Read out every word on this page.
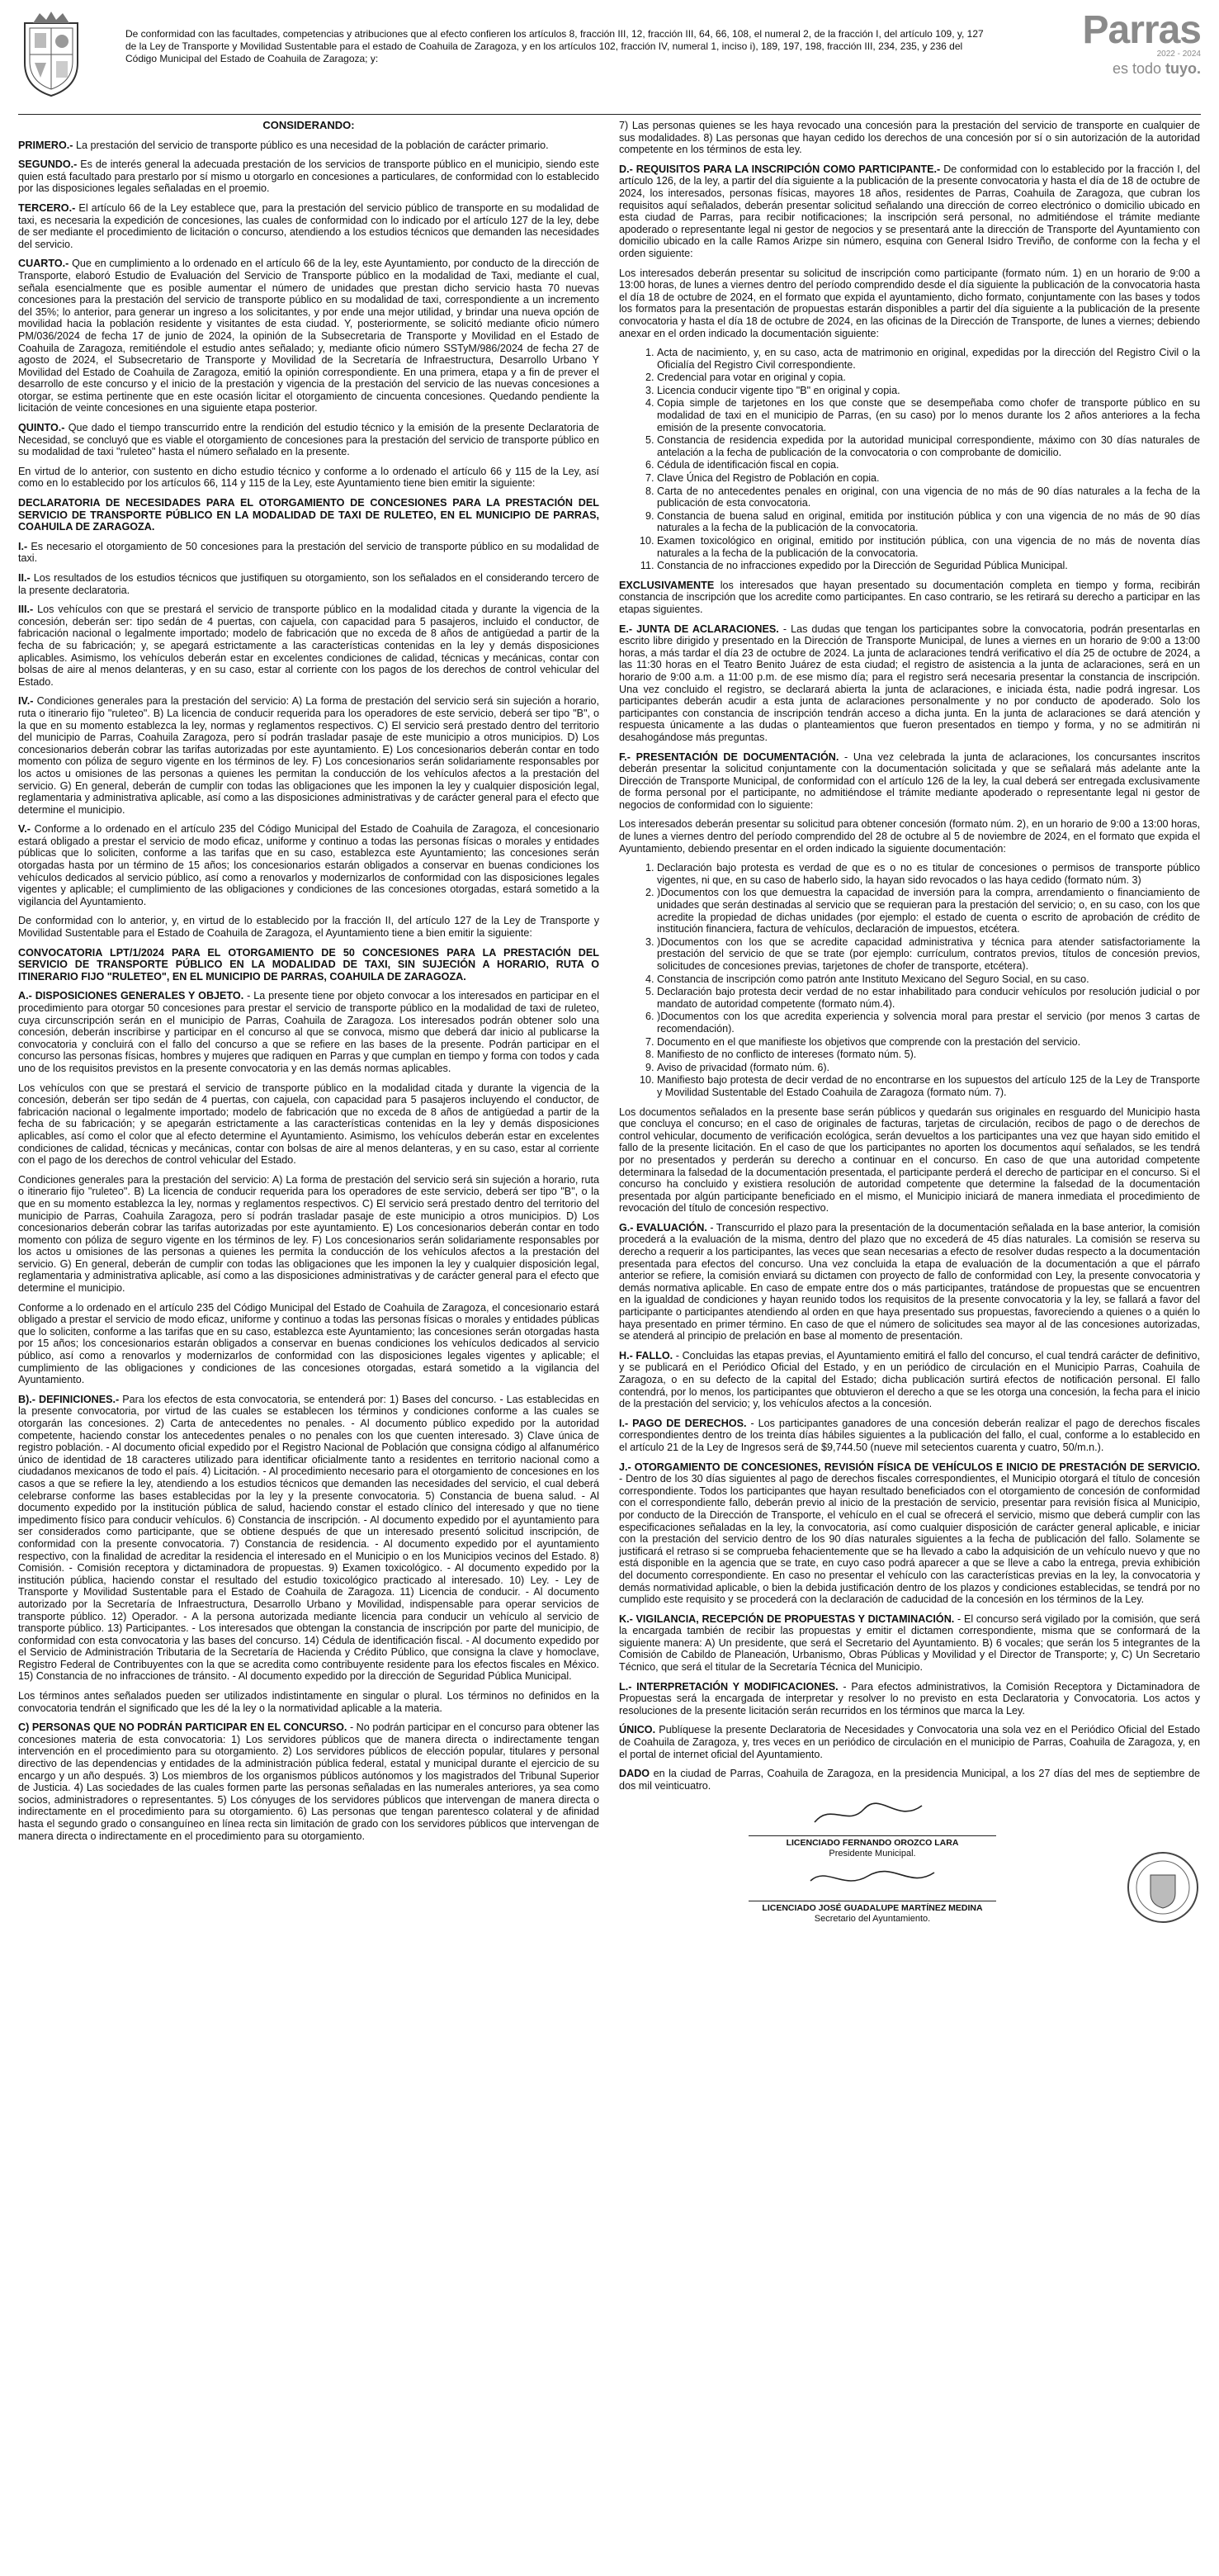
De conformidad con las facultades, competencias y atribuciones que al efecto confieren los artículos 8, fracción III, 12, fracción III, 64, 66, 108, el numeral 2, de la fracción I, del artículo 109, y, 127 de la Ley de Transporte y Movilidad Sustentable para el estado de Coahuila de Zaragoza, y en los artículos 102, fracción IV, numeral 1, inciso i), 189, 197, 198, fracción III, 234, 235, y 236 del Código Municipal del Estado de Coahuila de Zaragoza; y:
Parras
2022 - 2024
es todo tuyo.
CONSIDERANDO:

PRIMERO.- La prestación del servicio de transporte público es una necesidad de la población de carácter primario.

SEGUNDO.- Es de interés general la adecuada prestación de los servicios de transporte público en el municipio, siendo este quien está facultado para prestarlo por sí mismo u otorgarlo en concesiones a particulares, de conformidad con lo establecido por las disposiciones legales señaladas en el proemio.

TERCERO.- El artículo 66 de la Ley establece que, para la prestación del servicio público de transporte en su modalidad de taxi, es necesaria la expedición de concesiones, las cuales de conformidad con lo indicado por el artículo 127 de la ley, debe de ser mediante el procedimiento de licitación o concurso, atendiendo a los estudios técnicos que demanden las necesidades del servicio.

CUARTO.- Que en cumplimiento a lo ordenado en el artículo 66 de la ley, este Ayuntamiento, por conducto de la dirección de Transporte, elaboró Estudio de Evaluación del Servicio de Transporte público en la modalidad de Taxi, mediante el cual, señala esencialmente que es posible aumentar el número de unidades que prestan dicho servicio hasta 70 nuevas concesiones para la prestación del servicio de transporte público en su modalidad de taxi, correspondiente a un incremento del 35%; lo anterior, para generar un ingreso a los solicitantes, y por ende una mejor utilidad, y brindar una nueva opción de movilidad hacia la población residente y visitantes de esta ciudad. Y, posteriormente, se solicitó mediante oficio número PM/036/2024 de fecha 17 de junio de 2024, la opinión de la Subsecretaria de Transporte y Movilidad en el Estado de Coahuila de Zaragoza, remitiéndole el estudio antes señalado; y, mediante oficio número SSTyM/986/2024 de fecha 27 de agosto de 2024, el Subsecretario de Transporte y Movilidad de la Secretaría de Infraestructura, Desarrollo Urbano Y Movilidad del Estado de Coahuila de Zaragoza, emitió la opinión correspondiente. En una primera, etapa y a fin de prever el desarrollo de este concurso y el inicio de la prestación y vigencia de la prestación del servicio de las nuevas concesiones a otorgar, se estima pertinente que en este ocasión licitar el otorgamiento de cincuenta concesiones. Quedando pendiente la licitación de veinte concesiones en una siguiente etapa posterior.

QUINTO.- Que dado el tiempo transcurrido entre la rendición del estudio técnico y la emisión de la presente Declaratoria de Necesidad, se concluyó que es viable el otorgamiento de concesiones para la prestación del servicio de transporte público en su modalidad de taxi "ruleteo" hasta el número señalado en la presente.

En virtud de lo anterior, con sustento en dicho estudio técnico y conforme a lo ordenado el artículo 66 y 115 de la Ley, así como en lo establecido por los artículos 66, 114 y 115 de la Ley, este Ayuntamiento tiene bien emitir la siguiente:

DECLARATORIA DE NECESIDADES PARA EL OTORGAMIENTO DE CONCESIONES PARA LA PRESTACIÓN DEL SERVICIO DE TRANSPORTE PÚBLICO EN LA MODALIDAD DE TAXI DE RULETEO, EN EL MUNICIPIO DE PARRAS, COAHUILA DE ZARAGOZA.

I.- Es necesario el otorgamiento de 50 concesiones para la prestación del servicio de transporte público en su modalidad de taxi.

II.- Los resultados de los estudios técnicos que justifiquen su otorgamiento, son los señalados en el considerando tercero de la presente declaratoria.

III.- Los vehículos con que se prestará el servicio de transporte público en la modalidad citada y durante la vigencia de la concesión, deberán ser: tipo sedán de 4 puertas, con cajuela, con capacidad para 5 pasajeros, incluido el conductor, de fabricación nacional o legalmente importado; modelo de fabricación que no exceda de 8 años de antigüedad a partir de la fecha de su fabricación; y, se apegará estrictamente a las características contenidas en la ley y demás disposiciones aplicables. Asimismo, los vehículos deberán estar en excelentes condiciones de calidad, técnicas y mecánicas, contar con bolsas de aire al menos delanteras, y en su caso, estar al corriente con los pagos de los derechos de control vehicular del Estado.

IV.- Condiciones generales para la prestación del servicio: A) La forma de prestación del servicio será sin sujeción a horario, ruta o itinerario fijo "ruleteo". B) La licencia de conducir requerida para los operadores de este servicio, deberá ser tipo "B", o la que en su momento establezca la ley, normas y reglamentos respectivos. C) El servicio será prestado dentro del territorio del municipio de Parras, Coahuila Zaragoza, pero sí podrán trasladar pasaje de este municipio a otros municipios. D) Los concesionarios deberán cobrar las tarifas autorizadas por este ayuntamiento. E) Los concesionarios deberán contar en todo momento con póliza de seguro vigente en los términos de ley. F) Los concesionarios serán solidariamente responsables por los actos u omisiones de las personas a quienes les permitan la conducción de los vehículos afectos a la prestación del servicio. G) En general, deberán de cumplir con todas las obligaciones que les imponen la ley y cualquier disposición legal, reglamentaria y administrativa aplicable, así como a las disposiciones administrativas y de carácter general para el efecto que determine el municipio.

V.- Conforme a lo ordenado en el artículo 235 del Código Municipal del Estado de Coahuila de Zaragoza, el concesionario estará obligado a prestar el servicio de modo eficaz, uniforme y continuo a todas las personas físicas o morales y entidades públicas que lo soliciten, conforme a las tarifas que en su caso, establezca este Ayuntamiento; las concesiones serán otorgadas hasta por un término de 15 años; los concesionarios estarán obligados a conservar en buenas condiciones los vehículos dedicados al servicio público, así como a renovarlos y modernizarlos de conformidad con las disposiciones legales vigentes y aplicable; el cumplimiento de las obligaciones y condiciones de las concesiones otorgadas, estará sometido a la vigilancia del Ayuntamiento.

De conformidad con lo anterior, y, en virtud de lo establecido por la fracción II, del artículo 127 de la Ley de Transporte y Movilidad Sustentable para el Estado de Coahuila de Zaragoza, el Ayuntamiento tiene a bien emitir la siguiente:

CONVOCATORIA LPT/1/2024 PARA EL OTORGAMIENTO DE 50 CONCESIONES PARA LA PRESTACIÓN DEL SERVICIO DE TRANSPORTE PÚBLICO EN LA MODALIDAD DE TAXI, SIN SUJECIÓN A HORARIO, RUTA O ITINERARIO FIJO "RULETEO", EN EL MUNICIPIO DE PARRAS, COAHUILA DE ZARAGOZA.

A.- DISPOSICIONES GENERALES Y OBJETO. - La presente tiene por objeto convocar a los interesados en participar en el procedimiento para otorgar 50 concesiones para prestar el servicio de transporte público en la modalidad de taxi de ruleteo, cuya circunscripción serán en el municipio de Parras, Coahuila de Zaragoza. Los interesados podrán obtener solo una concesión, deberán inscribirse y participar en el concurso al que se convoca, mismo que deberá dar inicio al publicarse la convocatoria y concluirá con el fallo del concurso a que se refiere en las bases de la presente. Podrán participar en el concurso las personas físicas, hombres y mujeres que radiquen en Parras y que cumplan en tiempo y forma con todos y cada uno de los requisitos previstos en la presente convocatoria y en las demás normas aplicables.

Los vehículos con que se prestará el servicio de transporte público en la modalidad citada y durante la vigencia de la concesión, deberán ser tipo sedán de 4 puertas, con cajuela, con capacidad para 5 pasajeros incluyendo el conductor, de fabricación nacional o legalmente importado; modelo de fabricación que no exceda de 8 años de antigüedad a partir de la fecha de su fabricación; y se apegarán estrictamente a las características contenidas en la ley y demás disposiciones aplicables, así como el color que al efecto determine el Ayuntamiento. Asimismo, los vehículos deberán estar en excelentes condiciones de calidad, técnicas y mecánicas, contar con bolsas de aire al menos delanteras, y en su caso, estar al corriente con el pago de los derechos de control vehicular del Estado.

Condiciones generales para la prestación del servicio: A) La forma de prestación del servicio será sin sujeción a horario, ruta o itinerario fijo "ruleteo". B) La licencia de conducir requerida para los operadores de este servicio, deberá ser tipo "B", o la que en su momento establezca la ley, normas y reglamentos respectivos. C) El servicio será prestado dentro del territorio del municipio de Parras, Coahuila Zaragoza, pero sí podrán trasladar pasaje de este municipio a otros municipios. D) Los concesionarios deberán cobrar las tarifas autorizadas por este ayuntamiento. E) Los concesionarios deberán contar en todo momento con póliza de seguro vigente en los términos de ley. F) Los concesionarios serán solidariamente responsables por los actos u omisiones de las personas a quienes les permita la conducción de los vehículos afectos a la prestación del servicio. G) En general, deberán de cumplir con todas las obligaciones que les imponen la ley y cualquier disposición legal, reglamentaria y administrativa aplicable, así como a las disposiciones administrativas y de carácter general para el efecto que determine el municipio.

Conforme a lo ordenado en el artículo 235 del Código Municipal del Estado de Coahuila de Zaragoza, el concesionario estará obligado a prestar el servicio de modo eficaz, uniforme y continuo a todas las personas físicas o morales y entidades públicas que lo soliciten, conforme a las tarifas que en su caso, establezca este Ayuntamiento; las concesiones serán otorgadas hasta por 15 años; los concesionarios estarán obligados a conservar en buenas condiciones los vehículos dedicados al servicio público, así como a renovarlos y modernizarlos de conformidad con las disposiciones legales vigentes y aplicable; el cumplimiento de las obligaciones y condiciones de las concesiones otorgadas, estará sometido a la vigilancia del Ayuntamiento.

B).- DEFINICIONES.- Para los efectos de esta convocatoria, se entenderá por: 1) Bases del concurso. - Las establecidas en la presente convocatoria, por virtud de las cuales se establecen los términos y condiciones conforme a las cuales se otorgarán las concesiones. 2) Carta de antecedentes no penales. - Al documento público expedido por la autoridad competente, haciendo constar los antecedentes penales o no penales con los que cuenten interesado. 3) Clave única de registro población. - Al documento oficial expedido por el Registro Nacional de Población que consigna código al alfanumérico único de identidad de 18 caracteres utilizado para identificar oficialmente tanto a residentes en territorio nacional como a ciudadanos mexicanos de todo el país. 4) Licitación. - Al procedimiento necesario para el otorgamiento de concesiones en los casos a que se refiere la ley, atendiendo a los estudios técnicos que demanden las necesidades del servicio, el cual deberá celebrarse conforme las bases establecidas por la ley y la presente convocatoria. 5) Constancia de buena salud. - Al documento expedido por la institución pública de salud, haciendo constar el estado clínico del interesado y que no tiene impedimento físico para conducir vehículos. 6) Constancia de inscripción. - Al documento expedido por el ayuntamiento para ser considerados como participante, que se obtiene después de que un interesado presentó solicitud inscripción, de conformidad con la presente convocatoria. 7) Constancia de residencia. - Al documento expedido por el ayuntamiento respectivo, con la finalidad de acreditar la residencia el interesado en el Municipio o en los Municipios vecinos del Estado. 8) Comisión. - Comisión receptora y dictaminadora de propuestas. 9) Examen toxicológico. - Al documento expedido por la institución pública, haciendo constar el resultado del estudio toxicológico practicado al interesado. 10) Ley. - Ley de Transporte y Movilidad Sustentable para el Estado de Coahuila de Zaragoza. 11) Licencia de conducir. - Al documento autorizado por la Secretaría de Infraestructura, Desarrollo Urbano y Movilidad, indispensable para operar servicios de transporte público. 12) Operador. - A la persona autorizada mediante licencia para conducir un vehículo al servicio de transporte público. 13) Participantes. - Los interesados que obtengan la constancia de inscripción por parte del municipio, de conformidad con esta convocatoria y las bases del concurso. 14) Cédula de identificación fiscal. - Al documento expedido por el Servicio de Administración Tributaria de la Secretaría de Hacienda y Crédito Público, que consigna la clave y homoclave, Registro Federal de Contribuyentes con la que se acredita como contribuyente residente para los efectos fiscales en México. 15) Constancia de no infracciones de tránsito. - Al documento expedido por la dirección de Seguridad Pública Municipal.

Los términos antes señalados pueden ser utilizados indistintamente en singular o plural. Los términos no definidos en la convocatoria tendrán el significado que les dé la ley o la normatividad aplicable a la materia.

C) PERSONAS QUE NO PODRÁN PARTICIPAR EN EL CONCURSO. - No podrán participar en el concurso para obtener las concesiones materia de esta convocatoria: 1) Los servidores públicos que de manera directa o indirectamente tengan intervención en el procedimiento para su otorgamiento. 2) Los servidores públicos de elección popular, titulares y personal directivo de las dependencias y entidades de la administración pública federal, estatal y municipal durante el ejercicio de su encargo y un año después. 3) Los miembros de los organismos públicos autónomos y los magistrados del Tribunal Superior de Justicia. 4) Las sociedades de las cuales formen parte las personas señaladas en las numerales anteriores, ya sea como socios, administradores o representantes. 5) Los cónyuges de los servidores públicos que intervengan de manera directa o indirectamente en el procedimiento para su otorgamiento. 6) Las personas que tengan parentesco colateral y de afinidad hasta el segundo grado o consanguíneo en línea recta sin limitación de grado con los servidores públicos que intervengan de manera directa o indirectamente en el procedimiento para su otorgamiento.

7) Las personas quienes se les haya revocado una concesión para la prestación del servicio de transporte en cualquier de sus modalidades. 8) Las personas que hayan cedido los derechos de una concesión por sí o sin autorización de la autoridad competente en los términos de esta ley.

D.- REQUISITOS PARA LA INSCRIPCIÓN COMO PARTICIPANTE.- De conformidad con lo establecido por la fracción I, del artículo 126, de la ley, a partir del día siguiente a la publicación de la presente convocatoria y hasta el día de 18 de octubre de 2024, los interesados, personas físicas, mayores 18 años, residentes de Parras, Coahuila de Zaragoza, que cubran los requisitos aquí señalados, deberán presentar solicitud señalando una dirección de correo electrónico o domicilio ubicado en esta ciudad de Parras, para recibir notificaciones; la inscripción será personal, no admitiéndose el trámite mediante apoderado o representante legal ni gestor de negocios y se presentará ante la dirección de Transporte del Ayuntamiento con domicilio ubicado en la calle Ramos Arizpe sin número, esquina con General Isidro Treviño, de conforme con la fecha y el orden siguiente:

Los interesados deberán presentar su solicitud de inscripción como participante (formato núm. 1) en un horario de 9:00 a 13:00 horas, de lunes a viernes dentro del período comprendido desde el día siguiente la publicación de la convocatoria hasta el día 18 de octubre de 2024, en el formato que expida el ayuntamiento, dicho formato, conjuntamente con las bases y todos los formatos para la presentación de propuestas estarán disponibles a partir del día siguiente a la publicación de la presente convocatoria y hasta el día 18 de octubre de 2024, en las oficinas de la Dirección de Transporte, de lunes a viernes; debiendo anexar en el orden indicado la documentación siguiente:

1. Acta de nacimiento, y, en su caso, acta de matrimonio en original, expedidas por la dirección del Registro Civil o la Oficialía del Registro Civil correspondiente.
2. Credencial para votar en original y copia.
3. Licencia conducir vigente tipo "B" en original y copia.
4. Copia simple de tarjetones en los que conste que se desempeñaba como chofer de transporte público en su modalidad de taxi en el municipio de Parras, (en su caso) por lo menos durante los 2 años anteriores a la fecha emisión de la presente convocatoria.
5. Constancia de residencia expedida por la autoridad municipal correspondiente, máximo con 30 días naturales de antelación a la fecha de publicación de la convocatoria o con comprobante de domicilio.
6. Cédula de identificación fiscal en copia.
7. Clave Única del Registro de Población en copia.
8. Carta de no antecedentes penales en original, con una vigencia de no más de 90 días naturales a la fecha de la publicación de esta convocatoria.
9. Constancia de buena salud en original, emitida por institución pública y con una vigencia de no más de 90 días naturales a la fecha de la publicación de la convocatoria.
10. Examen toxicológico en original, emitido por institución pública, con una vigencia de no más de noventa días naturales a la fecha de la publicación de la convocatoria.
11. Constancia de no infracciones expedido por la Dirección de Seguridad Pública Municipal.

EXCLUSIVAMENTE los interesados que hayan presentado su documentación completa en tiempo y forma, recibirán constancia de inscripción que los acredite como participantes. En caso contrario, se les retirará su derecho a participar en las etapas siguientes.

E.- JUNTA DE ACLARACIONES. - Las dudas que tengan los participantes sobre la convocatoria, podrán presentarlas en escrito libre dirigido y presentado en la Dirección de Transporte Municipal, de lunes a viernes en un horario de 9:00 a 13:00 horas, a más tardar el día 23 de octubre de 2024. La junta de aclaraciones tendrá verificativo el día 25 de octubre de 2024, a las 11:30 horas en el Teatro Benito Juárez de esta ciudad; el registro de asistencia a la junta de aclaraciones, será en un horario de 9:00 a.m. a 11:00 p.m. de ese mismo día; para el registro será necesaria presentar la constancia de inscripción. Una vez concluido el registro, se declarará abierta la junta de aclaraciones, e iniciada ésta, nadie podrá ingresar. Los participantes deberán acudir a esta junta de aclaraciones personalmente y no por conducto de apoderado. Solo los participantes con constancia de inscripción tendrán acceso a dicha junta. En la junta de aclaraciones se dará atención y respuesta únicamente a las dudas o planteamientos que fueron presentados en tiempo y forma, y no se admitirán ni desahogándose más preguntas.

F.- PRESENTACIÓN DE DOCUMENTACIÓN. - Una vez celebrada la junta de aclaraciones, los concursantes inscritos deberán presentar la solicitud conjuntamente con la documentación solicitada y que se señalará más adelante ante la Dirección de Transporte Municipal, de conformidad con el artículo 126 de la ley, la cual deberá ser entregada exclusivamente de forma personal por el participante, no admitiéndose el trámite mediante apoderado o representante legal ni gestor de negocios de conformidad con lo siguiente:

Los interesados deberán presentar su solicitud para obtener concesión (formato núm. 2), en un horario de 9:00 a 13:00 horas, de lunes a viernes dentro del período comprendido del 28 de octubre al 5 de noviembre de 2024, en el formato que expida el Ayuntamiento, debiendo presentar en el orden indicado la siguiente documentación:

1. Declaración bajo protesta es verdad de que es o no es titular de concesiones o permisos de transporte público vigentes, ni que, en su caso de haberlo sido, la hayan sido revocados o las haya cedido (formato núm. 3)
2. )Documentos con los que demuestra la capacidad de inversión para la compra, arrendamiento o financiamiento de unidades que serán destinadas al servicio que se requieran para la prestación del servicio; o, en su caso, con los que acredite la propiedad de dichas unidades (por ejemplo: el estado de cuenta o escrito de aprobación de crédito de institución financiera, factura de vehículos, declaración de impuestos, etcétera.
3. )Documentos con los que se acredite capacidad administrativa y técnica para atender satisfactoriamente la prestación del servicio de que se trate (por ejemplo: currículum, contratos previos, títulos de concesión previos, solicitudes de concesiones previas, tarjetones de chofer de transporte, etcétera).
4. Constancia de inscripción como patrón ante Instituto Mexicano del Seguro Social, en su caso.
5. Declaración bajo protesta decir verdad de no estar inhabilitado para conducir vehículos por resolución judicial o por mandato de autoridad competente (formato núm.4).
6. )Documentos con los que acredita experiencia y solvencia moral para prestar el servicio (por menos 3 cartas de recomendación).
7. Documento en el que manifieste los objetivos que comprende con la prestación del servicio.
8. Manifiesto de no conflicto de intereses (formato núm. 5).
9. Aviso de privacidad (formato núm. 6).
10. Manifiesto bajo protesta de decir verdad de no encontrarse en los supuestos del artículo 125 de la Ley de Transporte y Movilidad Sustentable del Estado Coahuila de Zaragoza (formato núm. 7).

Los documentos señalados en la presente base serán públicos y quedarán sus originales en resguardo del Municipio hasta que concluya el concurso; en el caso de originales de facturas, tarjetas de circulación, recibos de pago o de derechos de control vehicular, documento de verificación ecológica, serán devueltos a los participantes una vez que hayan sido emitido el fallo de la presente licitación. En el caso de que los participantes no aporten los documentos aquí señalados, se les tendrá por no presentados y perderán su derecho a continuar en el concurso. En caso de que una autoridad competente determinara la falsedad de la documentación presentada, el participante perderá el derecho de participar en el concurso. Si el concurso ha concluido y existiera resolución de autoridad competente que determine la falsedad de la documentación presentada por algún participante beneficiado en el mismo, el Municipio iniciará de manera inmediata el procedimiento de revocación del título de concesión respectivo.

G.- EVALUACIÓN. - Transcurrido el plazo para la presentación de la documentación señalada en la base anterior, la comisión procederá a la evaluación de la misma, dentro del plazo que no excederá de 45 días naturales. La comisión se reserva su derecho a requerir a los participantes, las veces que sean necesarias a efecto de resolver dudas respecto a la documentación presentada para efectos del concurso. Una vez concluida la etapa de evaluación de la documentación a que el párrafo anterior se refiere, la comisión enviará su dictamen con proyecto de fallo de conformidad con Ley, la presente convocatoria y demás normativa aplicable. En caso de empate entre dos o más participantes, tratándose de propuestas que se encuentren en la igualdad de condiciones y hayan reunido todos los requisitos de la presente convocatoria y la ley, se fallará a favor del participante o participantes atendiendo al orden en que haya presentado sus propuestas, favoreciendo a quienes o a quién lo haya presentado en primer término. En caso de que el número de solicitudes sea mayor al de las concesiones autorizadas, se atenderá al principio de prelación en base al momento de presentación.

H.- FALLO. - Concluidas las etapas previas, el Ayuntamiento emitirá el fallo del concurso, el cual tendrá carácter de definitivo, y se publicará en el Periódico Oficial del Estado, y en un periódico de circulación en el Municipio Parras, Coahuila de Zaragoza, o en su defecto de la capital del Estado; dicha publicación surtirá efectos de notificación personal. El fallo contendrá, por lo menos, los participantes que obtuvieron el derecho a que se les otorga una concesión, la fecha para el inicio de la prestación del servicio; y, los vehículos afectos a la concesión.

I.- PAGO DE DERECHOS. - Los participantes ganadores de una concesión deberán realizar el pago de derechos fiscales correspondientes dentro de los treinta días hábiles siguientes a la publicación del fallo, el cual, conforme a lo establecido en el artículo 21 de la Ley de Ingresos será de $9,744.50 (nueve mil setecientos cuarenta y cuatro, 50/m.n.).

J.- OTORGAMIENTO DE CONCESIONES, REVISIÓN FÍSICA DE VEHÍCULOS E INICIO DE PRESTACIÓN DE SERVICIO. - Dentro de los 30 días siguientes al pago de derechos fiscales correspondientes, el Municipio otorgará el título de concesión correspondiente. Todos los participantes que hayan resultado beneficiados con el otorgamiento de concesión de conformidad con el correspondiente fallo, deberán previo al inicio de la prestación de servicio, presentar para revisión física al Municipio, por conducto de la Dirección de Transporte, el vehículo en el cual se ofrecerá el servicio, mismo que deberá cumplir con las especificaciones señaladas en la ley, la convocatoria, así como cualquier disposición de carácter general aplicable, e iniciar con la prestación del servicio dentro de los 90 días naturales siguientes a la fecha de publicación del fallo. Solamente se justificará el retraso si se comprueba fehacientemente que se ha llevado a cabo la adquisición de un vehículo nuevo y que no está disponible en la agencia que se trate, en cuyo caso podrá aparecer a que se lleve a cabo la entrega, previa exhibición del documento correspondiente. En caso no presentar el vehículo con las características previas en la ley, la convocatoria y demás normatividad aplicable, o bien la debida justificación dentro de los plazos y condiciones establecidas, se tendrá por no cumplido este requisito y se procederá con la declaración de caducidad de la concesión en los términos de la Ley.

K.- VIGILANCIA, RECEPCIÓN DE PROPUESTAS Y DICTAMINACIÓN. - El concurso será vigilado por la comisión, que será la encargada también de recibir las propuestas y emitir el dictamen correspondiente, misma que se conformará de la siguiente manera: A) Un presidente, que será el Secretario del Ayuntamiento. B) 6 vocales; que serán los 5 integrantes de la Comisión de Cabildo de Planeación, Urbanismo, Obras Públicas y Movilidad y el Director de Transporte; y, C) Un Secretario Técnico, que será el titular de la Secretaría Técnica del Municipio.

L.- INTERPRETACIÓN Y MODIFICACIONES. - Para efectos administrativos, la Comisión Receptora y Dictaminadora de Propuestas será la encargada de interpretar y resolver lo no previsto en esta Declaratoria y Convocatoria. Los actos y resoluciones de la presente licitación serán recurridos en los términos que marca la Ley.

ÚNICO. Publíquese la presente Declaratoria de Necesidades y Convocatoria una sola vez en el Periódico Oficial del Estado de Coahuila de Zaragoza, y, tres veces en un periódico de circulación en el municipio de Parras, Coahuila de Zaragoza, y, en el portal de internet oficial del Ayuntamiento.

DADO en la ciudad de Parras, Coahuila de Zaragoza, en la presidencia Municipal, a los 27 días del mes de septiembre de dos mil veinticuatro.

LICENCIADO FERNANDO OROZCO LARA
Presidente Municipal.
LICENCIADO JOSÉ GUADALUPE MARTÍNEZ MEDINA
Secretario del Ayuntamiento.
